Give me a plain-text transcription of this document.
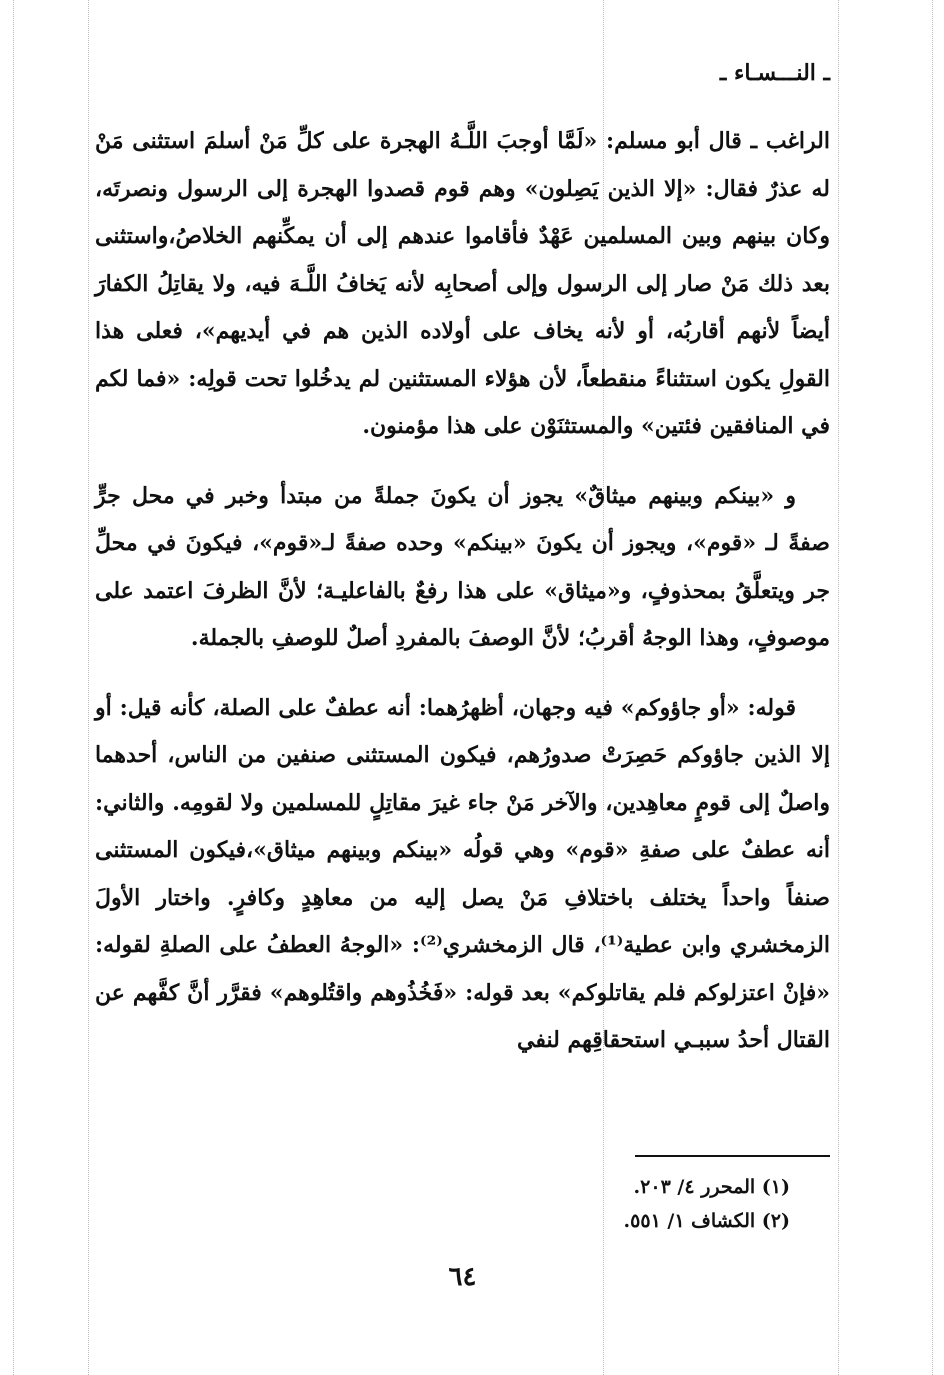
ـ النـــسـاء ـ

الراغب ـ قال أبو مسلم: «لَمَّا أوجبَ اللَّـهُ الهجرة على كلِّ مَنْ أسلمَ استثنى مَنْ له عذرٌ فقال: «إلا الذين يَصِلون» وهم قوم قصدوا الهجرة إلى الرسول ونصرتَه، وكان بينهم وبين المسلمين عَهْدٌ فأقاموا عندهم إلى أن يمكِّنهم الخلاصُ،واستثنى بعد ذلك مَنْ صار إلى الرسول وإلى أصحابِه لأنه يَخافُ اللَّـهَ فيه، ولا يقاتِلُ الكفارَ أيضاً لأنهم أقاربُه، أو لأنه يخاف على أولاده الذين هم في أيديهم»، فعلى هذا القولِ يكون استثناءً منقطعاً، لأن هؤلاء المستثنين لم يدخُلوا تحت قولِه: «فما لكم في المنافقين فئتين» والمستثنَوْن على هذا مؤمنون.

و «بينكم وبينهم ميثاقٌ» يجوز أن يكونَ جملةً من مبتدأ وخبر في محل جرٍّ صفةً لـ «قوم»، ويجوز أن يكونَ «بينكم» وحده صفةً لـ«قوم»، فيكونَ في محلِّ جر ويتعلَّقُ بمحذوفٍ، و«ميثاق» على هذا رفعٌ بالفاعليـة؛ لأنَّ الظرفَ اعتمد على موصوفٍ، وهذا الوجهُ أقربُ؛ لأنَّ الوصفَ بالمفردِ أصلٌ للوصفِ بالجملة.

قوله: «أو جاؤوكم» فيه وجهان، أظهرُهما: أنه عطفٌ على الصلة، كأنه قيل: أو إلا الذين جاؤوكم حَصِرَتْ صدورُهم، فيكون المستثنى صنفين من الناس، أحدهما واصلٌ إلى قومٍ معاهِدين، والآخر مَنْ جاء غيرَ مقاتِلٍ للمسلمين ولا لقومِه. والثاني: أنه عطفٌ على صفةِ «قوم» وهي قولُه «بينكم وبينهم ميثاق»،فيكون المستثنى صنفاً واحداً يختلف باختلافِ مَنْ يصل إليه من معاهِدٍ وكافرٍ. واختار الأولَ الزمخشري وابن عطية⁽¹⁾، قال الزمخشري⁽²⁾: «الوجهُ العطفُ على الصلةِ لقوله: «فإنْ اعتزلوكم فلم يقاتلوكم» بعد قوله: «فَخُذُوهم واقتُلوهم» فقرَّر أنَّ كفَّهم عن القتال أحدُ سببـي استحقاقِهم لنفي

(١) المحرر ٤/ ٢٠٣.
(٢) الكشاف ١/ ٥٥١.
٦٤
